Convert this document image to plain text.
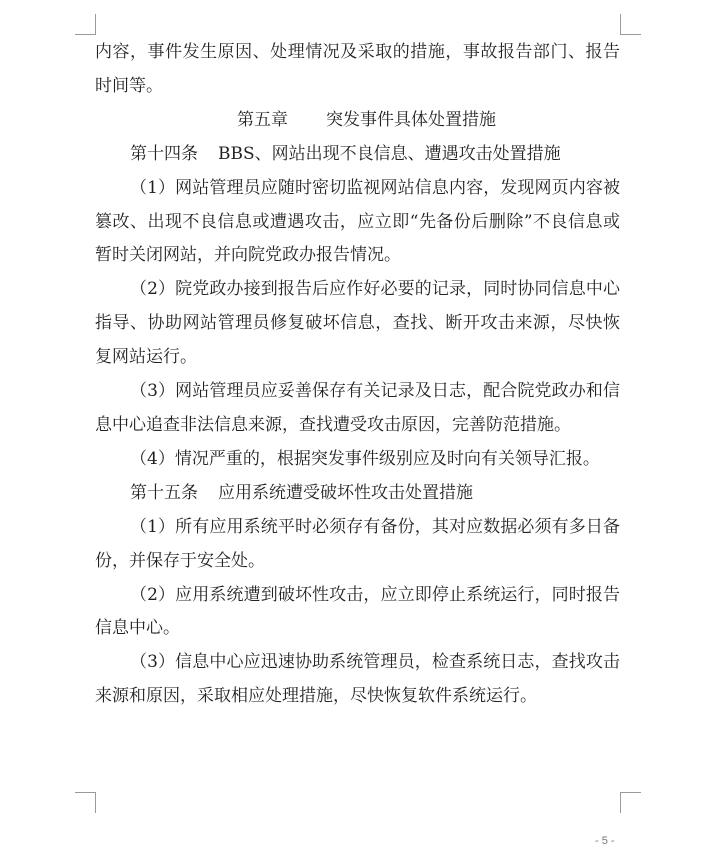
内容，事件发生原因、处理情况及采取的措施，事故报告部门、报告时间等。

第五章 突发事件具体处置措施

第十四条 BBS、网站出现不良信息、遭遇攻击处置措施

（1）网站管理员应随时密切监视网站信息内容，发现网页内容被篡改、出现不良信息或遭遇攻击，应立即“先备份后删除”不良信息或暂时关闭网站，并向院党政办报告情况。

（2）院党政办接到报告后应作好必要的记录，同时协同信息中心指导、协助网站管理员修复破坏信息，查找、断开攻击来源，尽快恢复网站运行。

（3）网站管理员应妥善保存有关记录及日志，配合院党政办和信息中心追查非法信息来源，查找遭受攻击原因，完善防范措施。

（4）情况严重的，根据突发事件级别应及时向有关领导汇报。

第十五条 应用系统遭受破坏性攻击处置措施

（1）所有应用系统平时必须存有备份，其对应数据必须有多日备份，并保存于安全处。

（2）应用系统遭到破坏性攻击，应立即停止系统运行，同时报告信息中心。

（3）信息中心应迅速协助系统管理员，检查系统日志，查找攻击来源和原因，采取相应处理措施，尽快恢复软件系统运行。

- 5 -
